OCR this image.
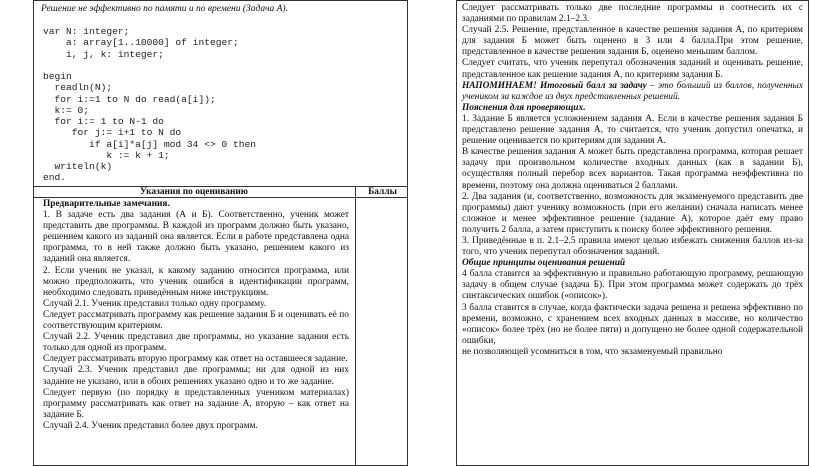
Решение не эффективно по памяти и по времени (Задача А).
var N: integer;
a: array[1..10000] of integer;
i, j, k: integer;

begin
readln(N);
for i:=1 to N do read(a[i]);
k:= 0;
for i:= 1 to N-1 do
for j:= i+1 to N do
if a[i]*a[j] mod 34 <> 0 then
k := k + 1;
writeln(k)
end.
Указания по оцениванию	Баллы

Предварительные замечания.

1. В задаче есть два задания (А и Б). Соответственно, ученик может представить две программы. В каждой из программ должно быть указано, решением какого из заданий она является. Если в работе представлена одна программа, то в ней также должно быть указано, решением какого из заданий она является.

2. Если ученик не указал, к какому заданию относится программа, или можно предположить, что ученик ошибся в идентификации программ, необходимо следовать приведённым ниже инструкциям.

Случай 2.1. Ученик представил только одну программу.

Следует рассматривать программу как решение задания Б и оценивать её по соответствующим критериям.

Случай 2.2. Ученик представил две программы, но указание задания есть только для одной из программ.

Следует рассматривать вторую программу как ответ на оставшееся задание.

Случай 2.3. Ученик представил две программы; ни для одной из них задание не указано, или в обоих решениях указано одно и то же задание.

Следует первую (по порядку в представленных учеником материалах) программу рассматривать как ответ на задание А, вторую – как ответ на задание Б.

Случай 2.4. Ученик представил более двух программ.

Следует рассматривать только две последние программы и соотнесить их с заданиями по правилам 2.1–2.3.

Случай 2.5. Решение, представленное в качестве решения задания А, по критериям для задания Б может быть оценено в 3 или 4 балла.При этом решение, представленное в качестве решения задания Б, оценено меньшим баллом.

Следует считать, что ученик перепутал обозначения заданий и оценивать решение, представленное как решение задания А, по критериям задания Б.

НАПОМИНАЕМ! Итоговый балл за задачу – это бо́льший из баллов, полученных учеником за каждое из двух представленных решений.

Пояснения для проверяющих.

1. Задание Б является усложнением задания А. Если в качестве решения задания Б представлено решение задания А, то считается, что ученик допустил опечатка, и решение оценивается по критериям для задания А.

В качестве решения задания А может быть представлена программа, которая решает задачу при произвольном количестве входных данных (как в задании Б), осуществляя полный перебор всех вариантов. Такая программа неэффективна по времени, поэтому она должна оцениваться 2 баллами.

2. Два задания (и, соответственно, возможность для экзаменуемого представить две программы) дают ученику возможность (при его желании) сначала написать менее сложное и менее эффективное решение (задание А), которое даёт ему право получить 2 балла, а затем приступить к поиску более эффективного решения.

3. Приведённые в п. 2.1–2.5 правила имеют целью избежать снижения баллов из-за того, что ученик перепутал обозначения заданий.

Общие принципы оценивания решений

4 балла ставится за эффективную и правильно работающую программу, решающую задачу в общем случае (задача Б). При этом программа может содержать до трёх синтаксических ошибок («описок»).

3 балла ставится в случае, когда фактически задача решена и решена эффективно по времени, возможно, с хранением всех входных данных в массиве, но количество «описок» более трёх (но не более пяти) и допущено не более одной содержательной ошибки,

не позволяющей усомниться в том, что экзаменуемый правильно
